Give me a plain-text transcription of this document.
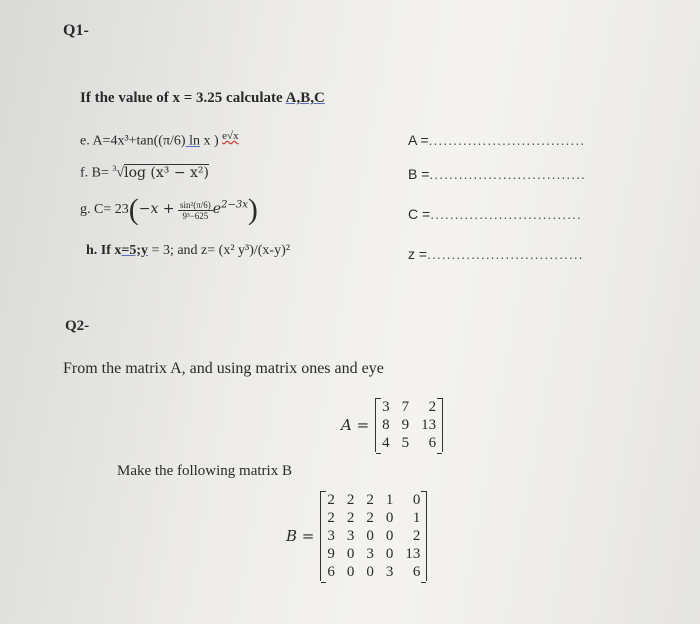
Q1-
If the value of x = 3.25 calculate A,B,C
e. A=4x³+tan((π/6) ln x ) $^{e√x}$	A =................................
f. B= $^3$√log (x³ − x²)	B =................................
g. $C= 23(-x + \frac{\text{sin²(π/6)}}{\text{9³−625}} e^{2-3x})$	C =...............................
h. If x=5;y = 3; and z= (x² y³)/(x-y)²	z =................................
Q2-
From the matrix A, and using matrix ones and eye
A =
3	7	2
8	9	13
4	5	6
Make the following matrix B
B =
2	2	2	1	0
2	2	2	0	1
3	3	0	0	2
9	0	3	0	13
6	0	0	3	6
